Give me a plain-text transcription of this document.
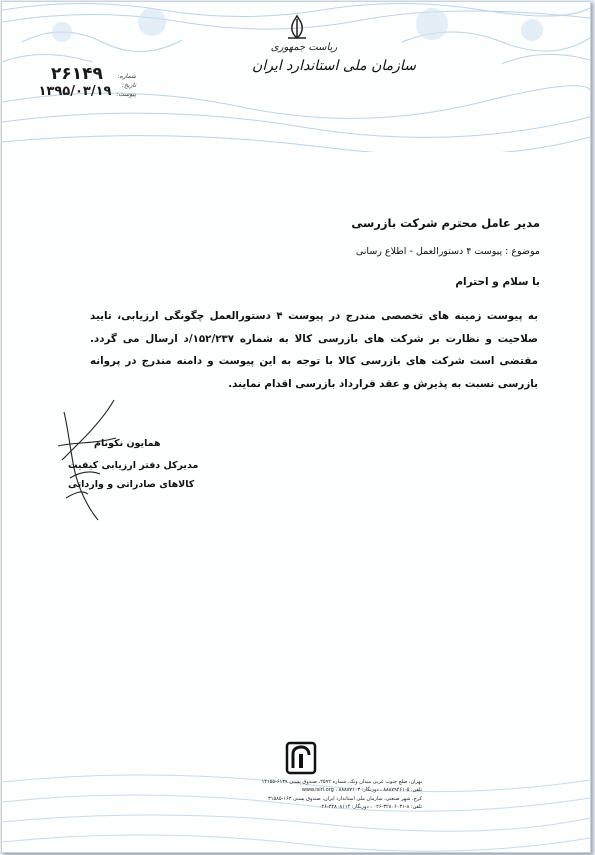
ریاست جمهوری
سازمان ملی استاندارد ایران
۲۶۱۴۹
۱۳۹۵/۰۳/۱۹
شماره:
تاریخ:
پیوست:
مدیر عامل محترم شرکت بازرسی
موضوع : پیوست ۴ دستورالعمل - اطلاع رسانی
با سلام و احترام
به پیوست زمینه های تخصصی مندرج در پیوست ۴ دستورالعمل چگونگی ارزیابی، تایید صلاحیت و نظارت بر شرکت های بازرسی کالا به شماره ۱۵۲/۲۳۷/د ارسال می گردد. مقتضی است شرکت های بازرسی کالا با توجه به این پیوست و دامنه مندرج در پروانه بازرسی نسبت به پذیرش و عقد قرارداد بازرسی اقدام نمایند.
همایون نکونام
مدیرکل دفتر ارزیابی کیفیت
کالاهای صادراتی و وارداتی
تهران، ضلع جنوب غربی میدان ونک، شماره ۲۵۹۲، صندوق پستی ۶۱۳۹-۱۴۱۵۵
تلفن: ۵-۸۸۸۷۹۴۶۱ ، دورنگار: ۸۸۸۸۷۱۰۳ ، www.isiri.org
کرج، شهر صنعتی، سازمان ملی استاندارد ایران، صندوق پستی ۱۶۳-۳۱۵۸۵
تلفن: ۸-۳۲۸۰۶۰۳۱-۰۲۶ ، دورنگار: ۳۲۸۰۸۱۱۴-۰۲۶
